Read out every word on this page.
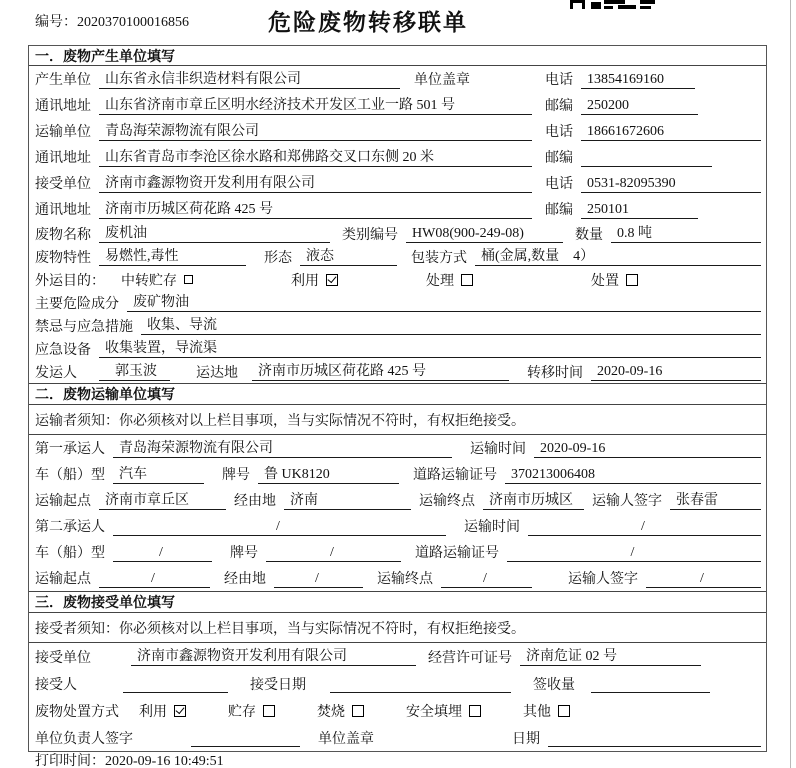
编号：2020370100016856	危险废物转移联单
一．废物产生单位填写
产生单位	山东省永信非织造材料有限公司	单位盖章	电话	13854169160
通讯地址	山东省济南市章丘区明水经济技术开发区工业一路 501 号	邮编	250200
运输单位	青岛海荣源物流有限公司	电话	18661672606
通讯地址	山东省青岛市李沧区徐水路和郑佛路交叉口东侧 20 米	邮编
接受单位	济南市鑫源物资开发利用有限公司	电话	0531-82095390
通讯地址	济南市历城区荷花路 425 号	邮编	250101
废物名称	废机油	类别编号	HW08(900-249-08)	数量	0.8 吨
废物特性	易燃性,毒性	形态	液态	包装方式	桶(金属,数量　4）
外运目的： 中转贮存	利用	处理	处置
主要危险成分	废矿物油
禁忌与应急措施	收集、导流
应急设备	收集装置，导流渠
发运人	郭玉波	运达地	济南市历城区荷花路 425 号	转移时间	2020-09-16
二．废物运输单位填写
运输者须知：你必须核对以上栏目事项，当与实际情况不符时，有权拒绝接受。
第一承运人	青岛海荣源物流有限公司	运输时间	2020-09-16
车（船）型	汽车	牌号	鲁 UK8120	道路运输证号	370213006408
运输起点	济南市章丘区	经由地	济南	运输终点	济南市历城区	运输人签字	张春雷
第二承运人	/	运输时间	/
车（船）型	/	牌号	/	道路运输证号	/
运输起点	/	经由地	/	运输终点	/	运输人签字	/
三．废物接受单位填写
接受者须知：你必须核对以上栏目事项，当与实际情况不符时，有权拒绝接受。
接受单位	济南市鑫源物资开发利用有限公司	经营许可证号	济南危证 02 号
接受人	接受日期	签收量
废物处置方式 利用	贮存	焚烧	安全填埋	其他
单位负责人签字	单位盖章	日期
打印时间：2020-09-16 10:49:51
